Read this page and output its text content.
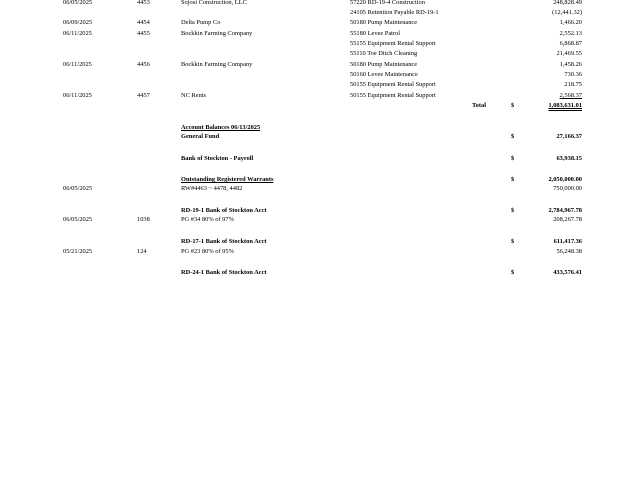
06/05/2025	4453	Sojosi Construction, LLC	57220 RD-19-4 Construction	248,828.49
24105 Retention Payable RD-19-1	(12,441.32)
06/09/2025	4454	Delta Pump Co	50180 Pump Maintenance	1,466.20
06/11/2025	4455	Bockkin Farming Company	55180 Levee Patrol	2,552.13
55155 Equipment Rental Support	6,868.87
55110 Toe Ditch Cleaning	21,469.55
06/11/2025	4456	Bockkin Farming Company	50180 Pump Maintenance	1,458.26
50160 Levee Maintenance	730.36
50155 Equipment Rental Support	218.75
06/11/2025	4457	NC Rents	50155 Equipment Rental Support	2,568.37
Total	$	1,083,631.01
Account Balances 06/13/2025
General Fund	$	27,166.37
Bank of Stockton - Payroll	$	63,938.15
Outstanding Registered Warrants	$	2,050,000.00
06/05/2025	RW#4463 ~ 4478, 4482	750,000.00
RD-19-1 Bank of Stockton Acct	$	2,784,967.78
06/05/2025	1038	PG #34 80% of 97%	208,267.78
RD-17-1 Bank of Stockton Acct	$	611,417.36
05/21/2025	124	PG #23 80% of 95%	56,248.38
RD-24-1 Bank of Stockton Acct	$	433,576.41
